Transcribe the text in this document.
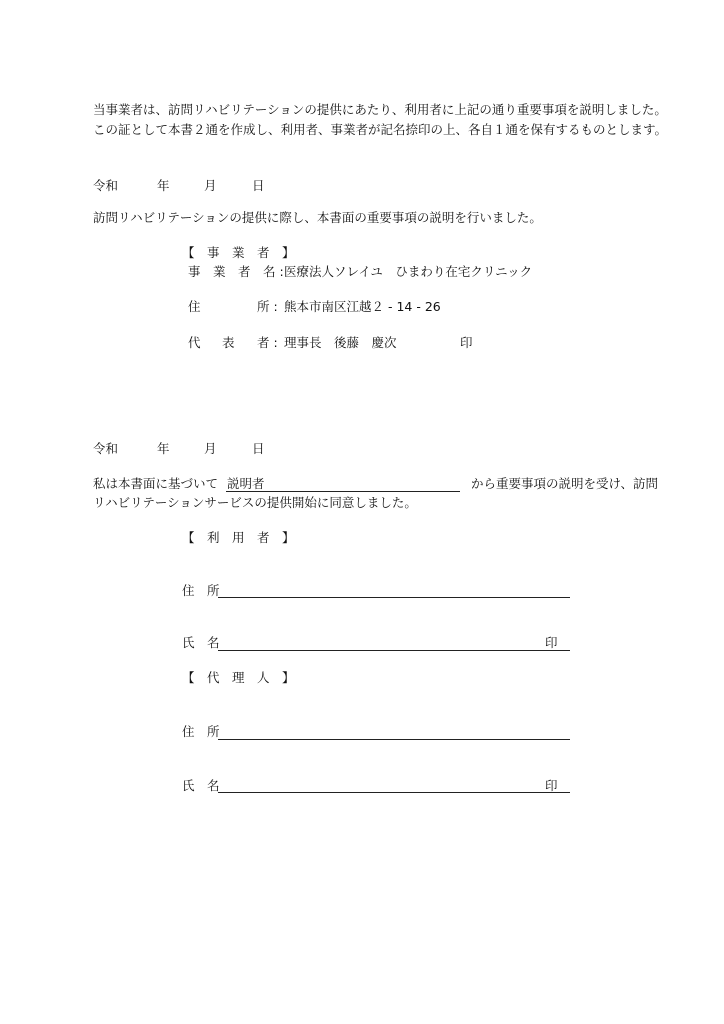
当事業者は、訪問リハビリテーションの提供にあたり、利用者に上記の通り重要事項を説明しました。
この証として本書２通を作成し、利用者、事業者が記名捺印の上、各自１通を保有するものとします。
令和	年	月	日
訪問リハビリテーションの提供に際し、本書面の重要事項の説明を行いました。
【　事　業　者　】
事　業　者　名 : 医療法人ソレイユ　ひまわり在宅クリニック
住	所 : 熊本市南区江越２ - 14 - 26
代 表 者 : 理事長　後藤　慶次	印
令和	年	月	日
私は本書面に基づいて 説明者	から重要事項の説明を受け、訪問
リハビリテーションサービスの提供開始に同意しました。
【　利　用　者　】
住　所
氏　名	印
【　代　理　人　】
住　所
氏　名	印
